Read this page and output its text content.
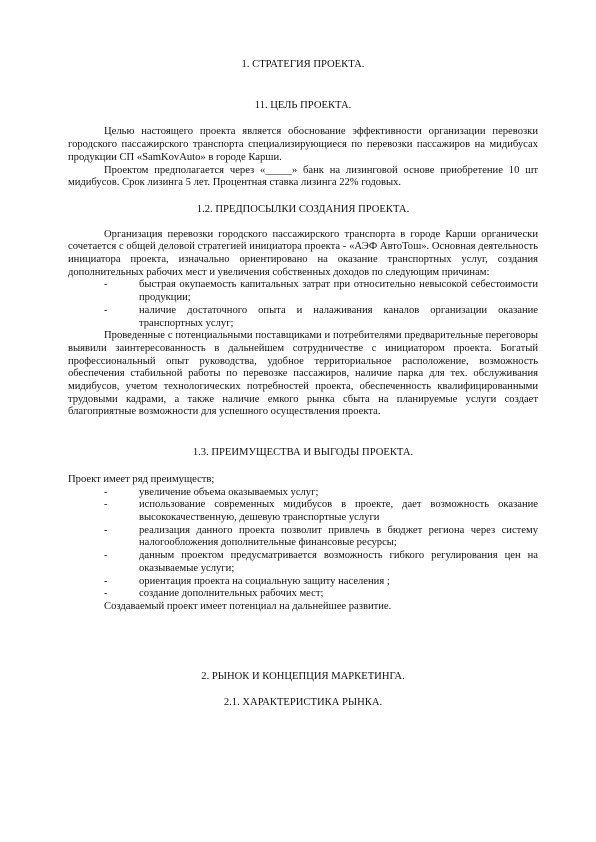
1. СТРАТЕГИЯ ПРОЕКТА.
11. ЦЕЛЬ ПРОЕКТА.

Целью настоящего проекта является обоснование эффективности организации перевозки городского пассажирского транспорта специализирующиеся по перевозки пассажиров на мидибусах продукции СП «SamKovAuto» в городе Карши.

Проектом предполагается через «_____» банк на лизинговой основе приобретение 10 шт мидибусов. Срок лизинга 5 лет. Процентная ставка лизинга 22% годовых.

1.2. ПРЕДПОСЫЛКИ СОЗДАНИЯ ПРОЕКТА.

Организация перевозки городского пассажирского транспорта в городе Карши органически сочетается с общей деловой стратегией инициатора проекта - «АЭФ АвтоТош». Основная деятельность инициатора проекта, изначально ориентировано на оказание транспортных услуг, создания дополнительных рабочих мест и увеличения собственных доходов по следующим причинам:

-	быстрая окупаемость капитальных затрат при относительно невысокой себестоимости продукции;
-	наличие достаточного опыта и налаживания каналов организации оказание транспортных услуг;

Проведенные с потенциальными поставщиками и потребителями предварительные переговоры выявили заинтересованность в дальнейшем сотрудничестве с инициатором проекта. Богатый профессиональный опыт руководства, удобное территориальное расположение, возможность обеспечения стабильной работы по перевозке пассажиров, наличие парка для тех. обслуживания мидибусов, учетом технологических потребностей проекта, обеспеченность квалифицированными трудовыми кадрами, а также наличие емкого рынка сбыта на планируемые услуги создает благоприятные возможности для успешного осуществления проекта.

1.3. ПРЕИМУЩЕСТВА И ВЫГОДЫ ПРОЕКТА.

Проект имеет ряд преимуществ;

-	увеличение объема оказываемых услуг;
-	использование современных мидибусов в проекте, дает возможность оказание высококачественную, дешевую транспортные услуги
-	реализация данного проекта позволит привлечь в бюджет региона через систему налогообложения дополнительные финансовые ресурсы;
-	данным проектом предусматривается возможность гибкого регулирования цен на оказываемые услуги;
-	ориентация проекта на социальную защиту населения ;
-	создание дополнительных рабочих мест;

Создаваемый проект имеет потенциал на дальнейшее развитие.

2. РЫНОК И КОНЦЕПЦИЯ МАРКЕТИНГА.
2.1. ХАРАКТЕРИСТИКА РЫНКА.
